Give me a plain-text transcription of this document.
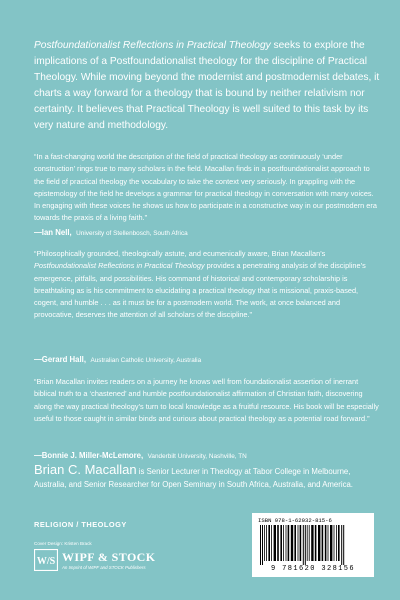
Postfoundationalist Reflections in Practical Theology seeks to explore the implications of a Postfoundationalist theology for the discipline of Practical Theology. While moving beyond the modernist and postmodernist debates, it charts a way forward for a theology that is bound by neither relativism nor certainty. It believes that Practical Theology is well suited to this task by its very nature and methodology.

“In a fast-changing world the description of the field of practical theology as continuously ‘under construction’ rings true to many scholars in the field. Macallan finds in a postfoundationalist approach to the field of practical theology the vocabulary to take the context very seriously. In grappling with the epistemology of the field he develops a grammar for practical theology in conversation with many voices. In engaging with these voices he shows us how to participate in a constructive way in our postmodern era towards the praxis of a living faith.”

—Ian Nell, University of Stellenbosch, South Africa

“Philosophically grounded, theologically astute, and ecumenically aware, Brian Macallan’s Postfoundationalist Reflections in Practical Theology provides a penetrating analysis of the discipline’s emergence, pitfalls, and possibilities. His command of historical and contemporary scholarship is breathtaking as is his commitment to elucidating a practical theology that is missional, praxis-based, cogent, and humble . . . as it must be for a postmodern world. The work, at once balanced and provocative, deserves the attention of all scholars of the discipline.”

—Gerard Hall, Australian Catholic University, Australia

“Brian Macallan invites readers on a journey he knows well from foundationalist assertion of inerrant biblical truth to a ‘chastened’ and humble postfoundationalist affirmation of Christian faith, discovering along the way practical theology’s turn to local knowledge as a fruitful resource. His book will be especially useful to those caught in similar binds and curious about practical theology as a potential road forward.”

—Bonnie J. Miller-McLemore, Vanderbilt University, Nashville, TN

Brian C. Macallan is Senior Lecturer in Theology at Tabor College in Melbourne, Australia, and Senior Researcher for Open Seminary in South Africa, Australia, and America.

RELIGION / THEOLOGY

Cover Design: Kristen Brack
W/S WIPF & STOCK
An Imprint of WIPF and STOCK Publishers
ISBN 978-1-62032-815-6
9 781620 328156
